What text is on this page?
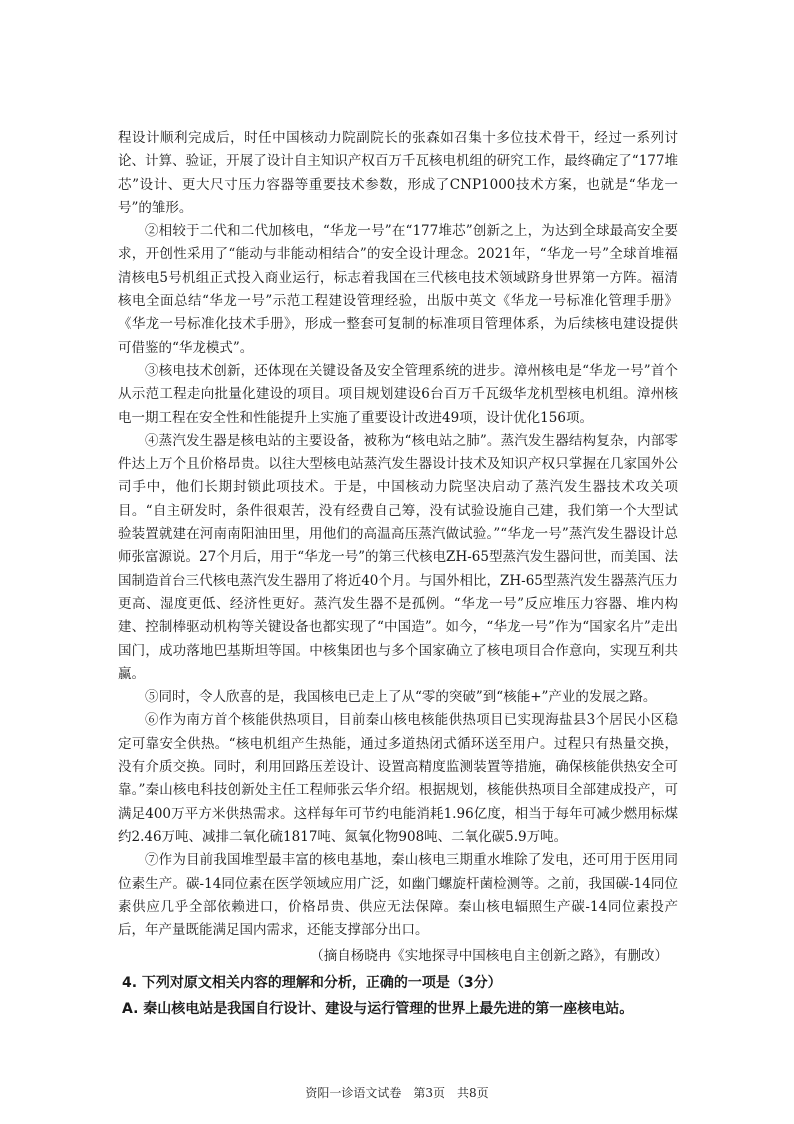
程设计顺利完成后，时任中国核动力院副院长的张森如召集十多位技术骨干，经过一系列讨论、计算、验证，开展了设计自主知识产权百万千瓦核电机组的研究工作，最终确定了“177堆芯”设计、更大尺寸压力容器等重要技术参数，形成了CNP1000技术方案，也就是“华龙一号”的雏形。

②相较于二代和二代加核电，“华龙一号”在“177堆芯”创新之上，为达到全球最高安全要求，开创性采用了“能动与非能动相结合”的安全设计理念。2021年，“华龙一号”全球首堆福清核电5号机组正式投入商业运行，标志着我国在三代核电技术领域跻身世界第一方阵。福清核电全面总结“华龙一号”示范工程建设管理经验，出版中英文《华龙一号标准化管理手册》《华龙一号标准化技术手册》，形成一整套可复制的标准项目管理体系，为后续核电建设提供可借鉴的“华龙模式”。

③核电技术创新，还体现在关键设备及安全管理系统的进步。漳州核电是“华龙一号”首个从示范工程走向批量化建设的项目。项目规划建设6台百万千瓦级华龙机型核电机组。漳州核电一期工程在安全性和性能提升上实施了重要设计改进49项，设计优化156项。

④蒸汽发生器是核电站的主要设备，被称为“核电站之肺”。蒸汽发生器结构复杂，内部零件达上万个且价格昂贵。以往大型核电站蒸汽发生器设计技术及知识产权只掌握在几家国外公司手中，他们长期封锁此项技术。于是，中国核动力院坚决启动了蒸汽发生器技术攻关项目。“自主研发时，条件很艰苦，没有经费自己筹，没有试验设施自己建，我们第一个大型试验装置就建在河南南阳油田里，用他们的高温高压蒸汽做试验。”“华龙一号”蒸汽发生器设计总师张富源说。27个月后，用于“华龙一号”的第三代核电ZH-65型蒸汽发生器问世，而美国、法国制造首台三代核电蒸汽发生器用了将近40个月。与国外相比，ZH-65型蒸汽发生器蒸汽压力更高、湿度更低、经济性更好。蒸汽发生器不是孤例。“华龙一号”反应堆压力容器、堆内构建、控制棒驱动机构等关键设备也都实现了“中国造”。如今，“华龙一号”作为“国家名片”走出国门，成功落地巴基斯坦等国。中核集团也与多个国家确立了核电项目合作意向，实现互利共赢。

⑤同时，令人欣喜的是，我国核电已走上了从“零的突破”到“核能+”产业的发展之路。

⑥作为南方首个核能供热项目，目前秦山核电核能供热项目已实现海盐县3个居民小区稳定可靠安全供热。“核电机组产生热能，通过多道热闭式循环送至用户。过程只有热量交换，没有介质交换。同时，利用回路压差设计、设置高精度监测装置等措施，确保核能供热安全可靠。”秦山核电科技创新处主任工程师张云华介绍。根据规划，核能供热项目全部建成投产，可满足400万平方米供热需求。这样每年可节约电能消耗1.96亿度，相当于每年可减少燃用标煤约2.46万吨、减排二氧化硫1817吨、氮氧化物908吨、二氧化碳5.9万吨。

⑦作为目前我国堆型最丰富的核电基地，秦山核电三期重水堆除了发电，还可用于医用同位素生产。碳-14同位素在医学领域应用广泛，如幽门螺旋杆菌检测等。之前，我国碳-14同位素供应几乎全部依赖进口，价格昂贵、供应无法保障。秦山核电辐照生产碳-14同位素投产后，年产量既能满足国内需求，还能支撑部分出口。

（摘自杨晓冉《实地探寻中国核电自主创新之路》，有删改）

4. 下列对原文相关内容的理解和分析，正确的一项是（3分）

A. 秦山核电站是我国自行设计、建设与运行管理的世界上最先进的第一座核电站。

资阳一诊语文试卷　第3页　共8页
